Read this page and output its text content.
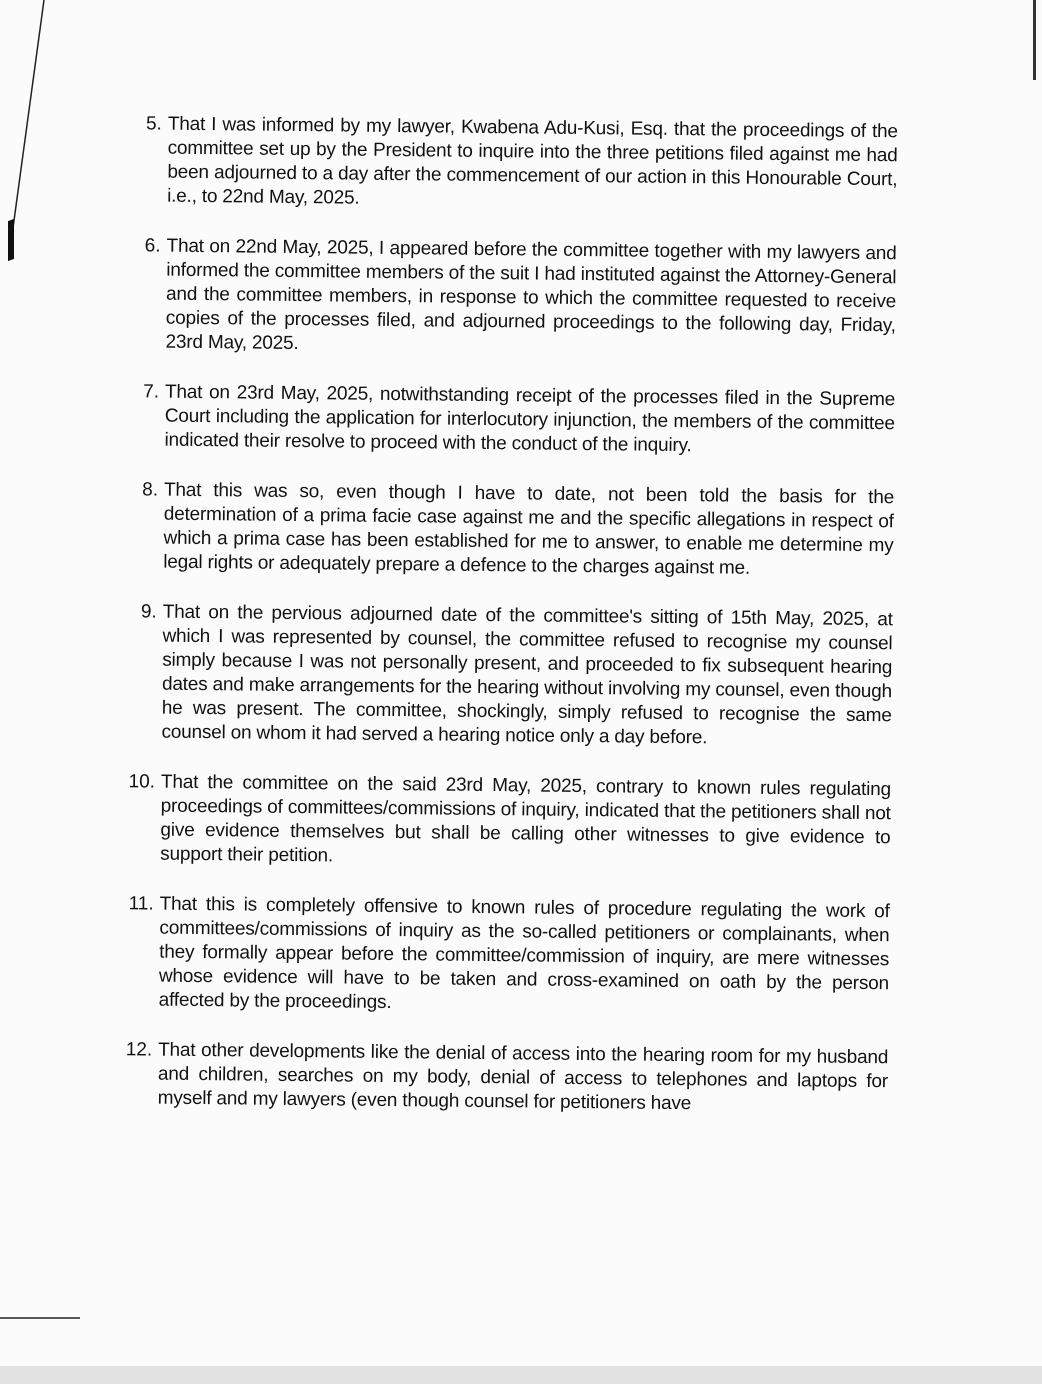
5. That I was informed by my lawyer, Kwabena Adu-Kusi, Esq. that the proceedings of the committee set up by the President to inquire into the three petitions filed against me had been adjourned to a day after the commencement of our action in this Honourable Court, i.e., to 22nd May, 2025.
6. That on 22nd May, 2025, I appeared before the committee together with my lawyers and informed the committee members of the suit I had instituted against the Attorney-General and the committee members, in response to which the committee requested to receive copies of the processes filed, and adjourned proceedings to the following day, Friday, 23rd May, 2025.
7. That on 23rd May, 2025, notwithstanding receipt of the processes filed in the Supreme Court including the application for interlocutory injunction, the members of the committee indicated their resolve to proceed with the conduct of the inquiry.
8. That this was so, even though I have to date, not been told the basis for the determination of a prima facie case against me and the specific allegations in respect of which a prima case has been established for me to answer, to enable me determine my legal rights or adequately prepare a defence to the charges against me.
9. That on the pervious adjourned date of the committee's sitting of 15th May, 2025, at which I was represented by counsel, the committee refused to recognise my counsel simply because I was not personally present, and proceeded to fix subsequent hearing dates and make arrangements for the hearing without involving my counsel, even though he was present. The committee, shockingly, simply refused to recognise the same counsel on whom it had served a hearing notice only a day before.
10. That the committee on the said 23rd May, 2025, contrary to known rules regulating proceedings of committees/commissions of inquiry, indicated that the petitioners shall not give evidence themselves but shall be calling other witnesses to give evidence to support their petition.
11. That this is completely offensive to known rules of procedure regulating the work of committees/commissions of inquiry as the so-called petitioners or complainants, when they formally appear before the committee/commission of inquiry, are mere witnesses whose evidence will have to be taken and cross-examined on oath by the person affected by the proceedings.
12. That other developments like the denial of access into the hearing room for my husband and children, searches on my body, denial of access to telephones and laptops for myself and my lawyers (even though counsel for petitioners have
